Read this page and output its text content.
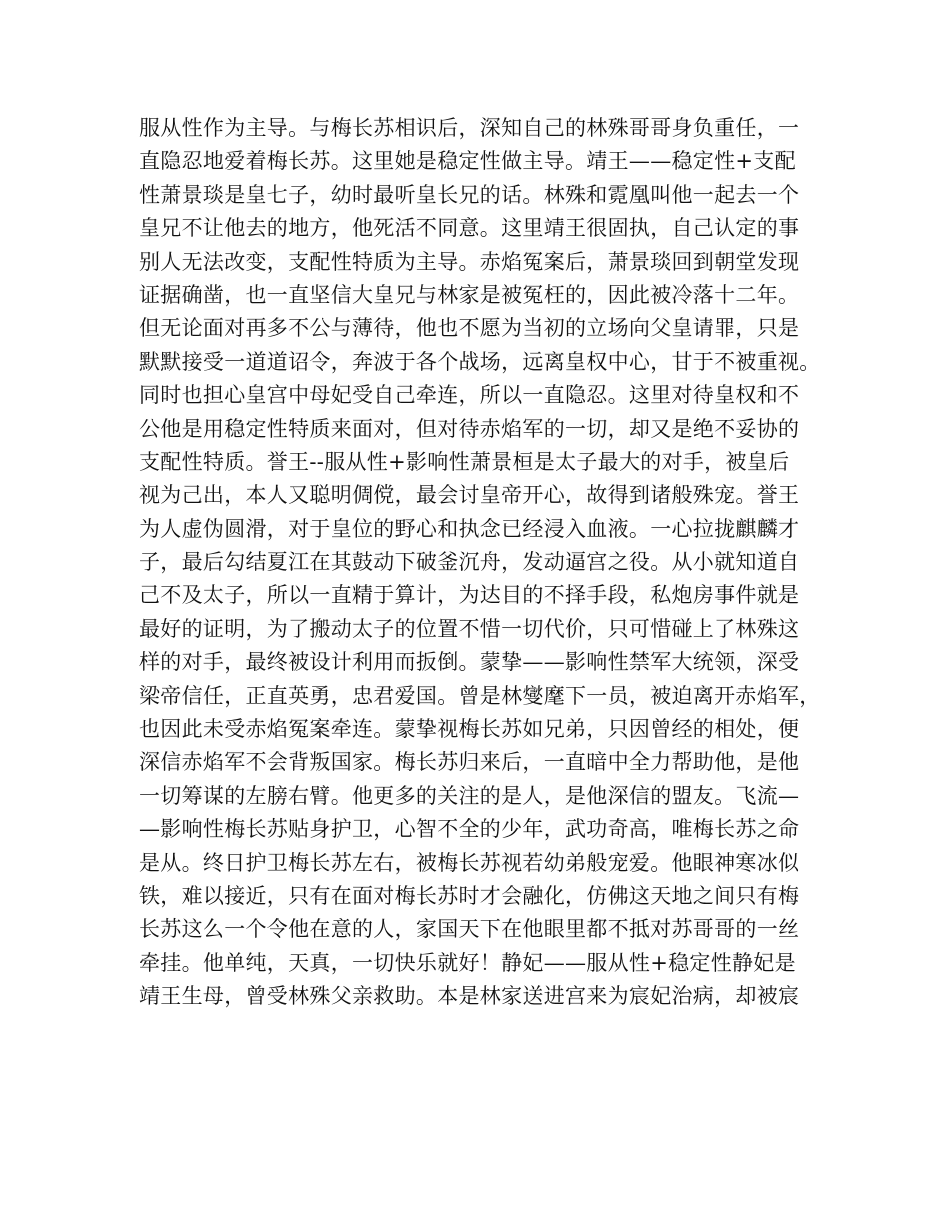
服从性作为主导。与梅长苏相识后，深知自己的林殊哥哥身负重任，一
直隐忍地爱着梅长苏。这里她是稳定性做主导。靖王——稳定性+支配
性萧景琰是皇七子，幼时最听皇长兄的话。林殊和霓凰叫他一起去一个
皇兄不让他去的地方，他死活不同意。这里靖王很固执，自己认定的事
别人无法改变，支配性特质为主导。赤焰冤案后，萧景琰回到朝堂发现
证据确凿，也一直坚信大皇兄与林家是被冤枉的，因此被冷落十二年。
但无论面对再多不公与薄待，他也不愿为当初的立场向父皇请罪，只是
默默接受一道道诏令，奔波于各个战场，远离皇权中心，甘于不被重视。
同时也担心皇宫中母妃受自己牵连，所以一直隐忍。这里对待皇权和不
公他是用稳定性特质来面对，但对待赤焰军的一切，却又是绝不妥协的
支配性特质。誉王--服从性+影响性萧景桓是太子最大的对手，被皇后
视为己出，本人又聪明倜傥，最会讨皇帝开心，故得到诸般殊宠。誉王
为人虚伪圆滑，对于皇位的野心和执念已经浸入血液。一心拉拢麒麟才
子，最后勾结夏江在其鼓动下破釜沉舟，发动逼宫之役。从小就知道自
己不及太子，所以一直精于算计，为达目的不择手段，私炮房事件就是
最好的证明，为了搬动太子的位置不惜一切代价，只可惜碰上了林殊这
样的对手，最终被设计利用而扳倒。蒙挚——影响性禁军大统领，深受
梁帝信任，正直英勇，忠君爱国。曾是林燮麾下一员，被迫离开赤焰军，
也因此未受赤焰冤案牵连。蒙挚视梅长苏如兄弟，只因曾经的相处，便
深信赤焰军不会背叛国家。梅长苏归来后，一直暗中全力帮助他，是他
一切筹谋的左膀右臂。他更多的关注的是人，是他深信的盟友。飞流—
—影响性梅长苏贴身护卫，心智不全的少年，武功奇高，唯梅长苏之命
是从。终日护卫梅长苏左右，被梅长苏视若幼弟般宠爱。他眼神寒冰似
铁，难以接近，只有在面对梅长苏时才会融化，仿佛这天地之间只有梅
长苏这么一个令他在意的人，家国天下在他眼里都不抵对苏哥哥的一丝
牵挂。他单纯，天真，一切快乐就好！静妃——服从性+稳定性静妃是
靖王生母，曾受林殊父亲救助。本是林家送进宫来为宸妃治病，却被宸
